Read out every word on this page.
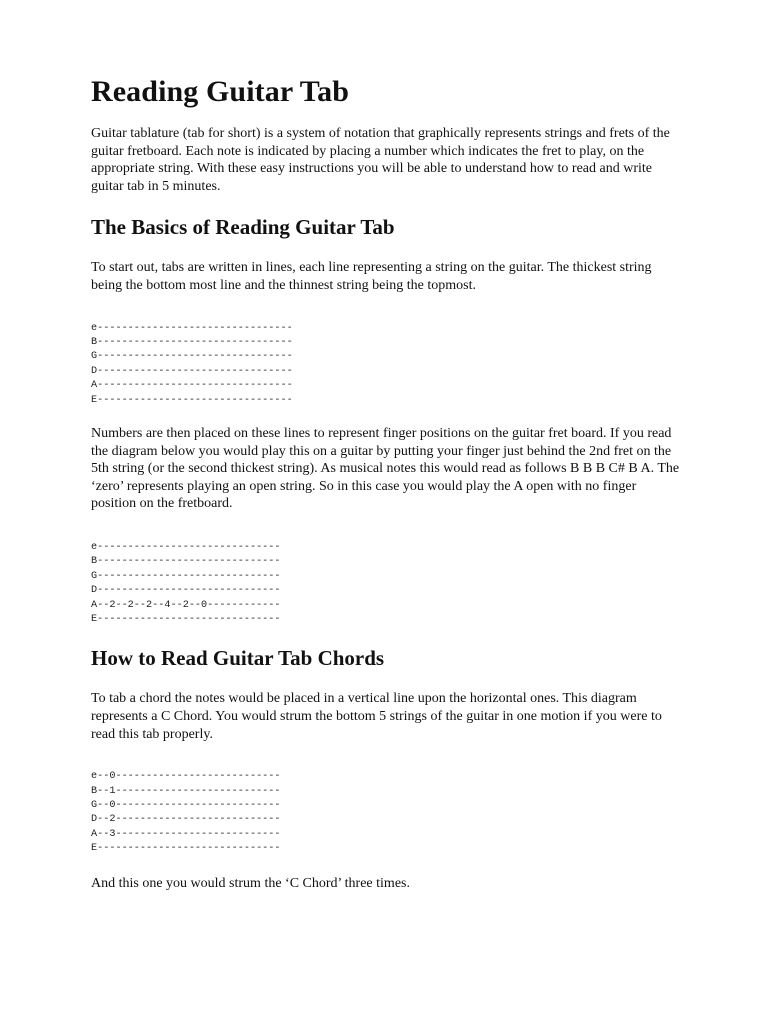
Reading Guitar Tab

Guitar tablature (tab for short) is a system of notation that graphically represents strings and frets of the guitar fretboard. Each note is indicated by placing a number which indicates the fret to play, on the appropriate string. With these easy instructions you will be able to understand how to read and write guitar tab in 5 minutes.

The Basics of Reading Guitar Tab

To start out, tabs are written in lines, each line representing a string on the guitar. The thickest string being the bottom most line and the thinnest string being the topmost.

e--------------------------------
B--------------------------------
G--------------------------------
D--------------------------------
A--------------------------------
E--------------------------------

Numbers are then placed on these lines to represent finger positions on the guitar fret board. If you read the diagram below you would play this on a guitar by putting your finger just behind the 2nd fret on the 5th string (or the second thickest string). As musical notes this would read as follows B B B C# B A. The ‘zero’ represents playing an open string. So in this case you would play the A open with no finger position on the fretboard.

e------------------------------
B------------------------------
G------------------------------
D------------------------------
A--2--2--2--4--2--0------------
E------------------------------
How to Read Guitar Tab Chords

To tab a chord the notes would be placed in a vertical line upon the horizontal ones. This diagram represents a C Chord. You would strum the bottom 5 strings of the guitar in one motion if you were to read this tab properly.

e--0---------------------------
B--1---------------------------
G--0---------------------------
D--2---------------------------
A--3---------------------------
E------------------------------

And this one you would strum the ‘C Chord’ three times.
